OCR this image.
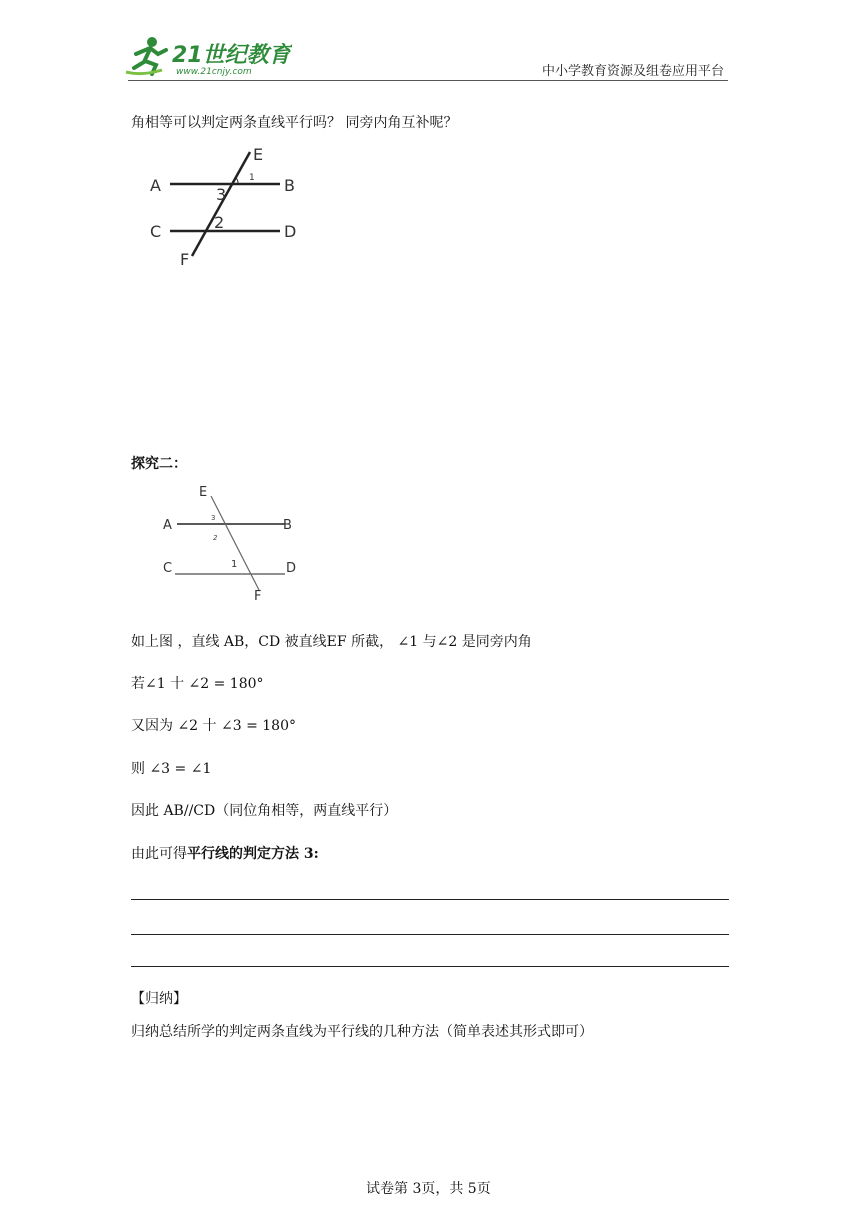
21世纪教育
www.21cnjy.com	中小学教育资源及组卷应用平台
角相等可以判定两条直线平行吗？ 同旁内角互补呢？
A	B
C	D
E
F
1
2
3
探究二：
E
A	B
C	D
F
3
2
1
如上图 ，直线 AB，CD 被直线EF 所截， ∠1 与∠2 是同旁内角
若∠1 十 ∠2 = 180°
又因为 ∠2 十 ∠3 = 180°
则 ∠3 = ∠1
因此 AB//CD（同位角相等，两直线平行）
由此可得平行线的判定方法 3:
【归纳】
归纳总结所学的判定两条直线为平行线的几种方法（简单表述其形式即可）
试卷第 3页，共 5页
